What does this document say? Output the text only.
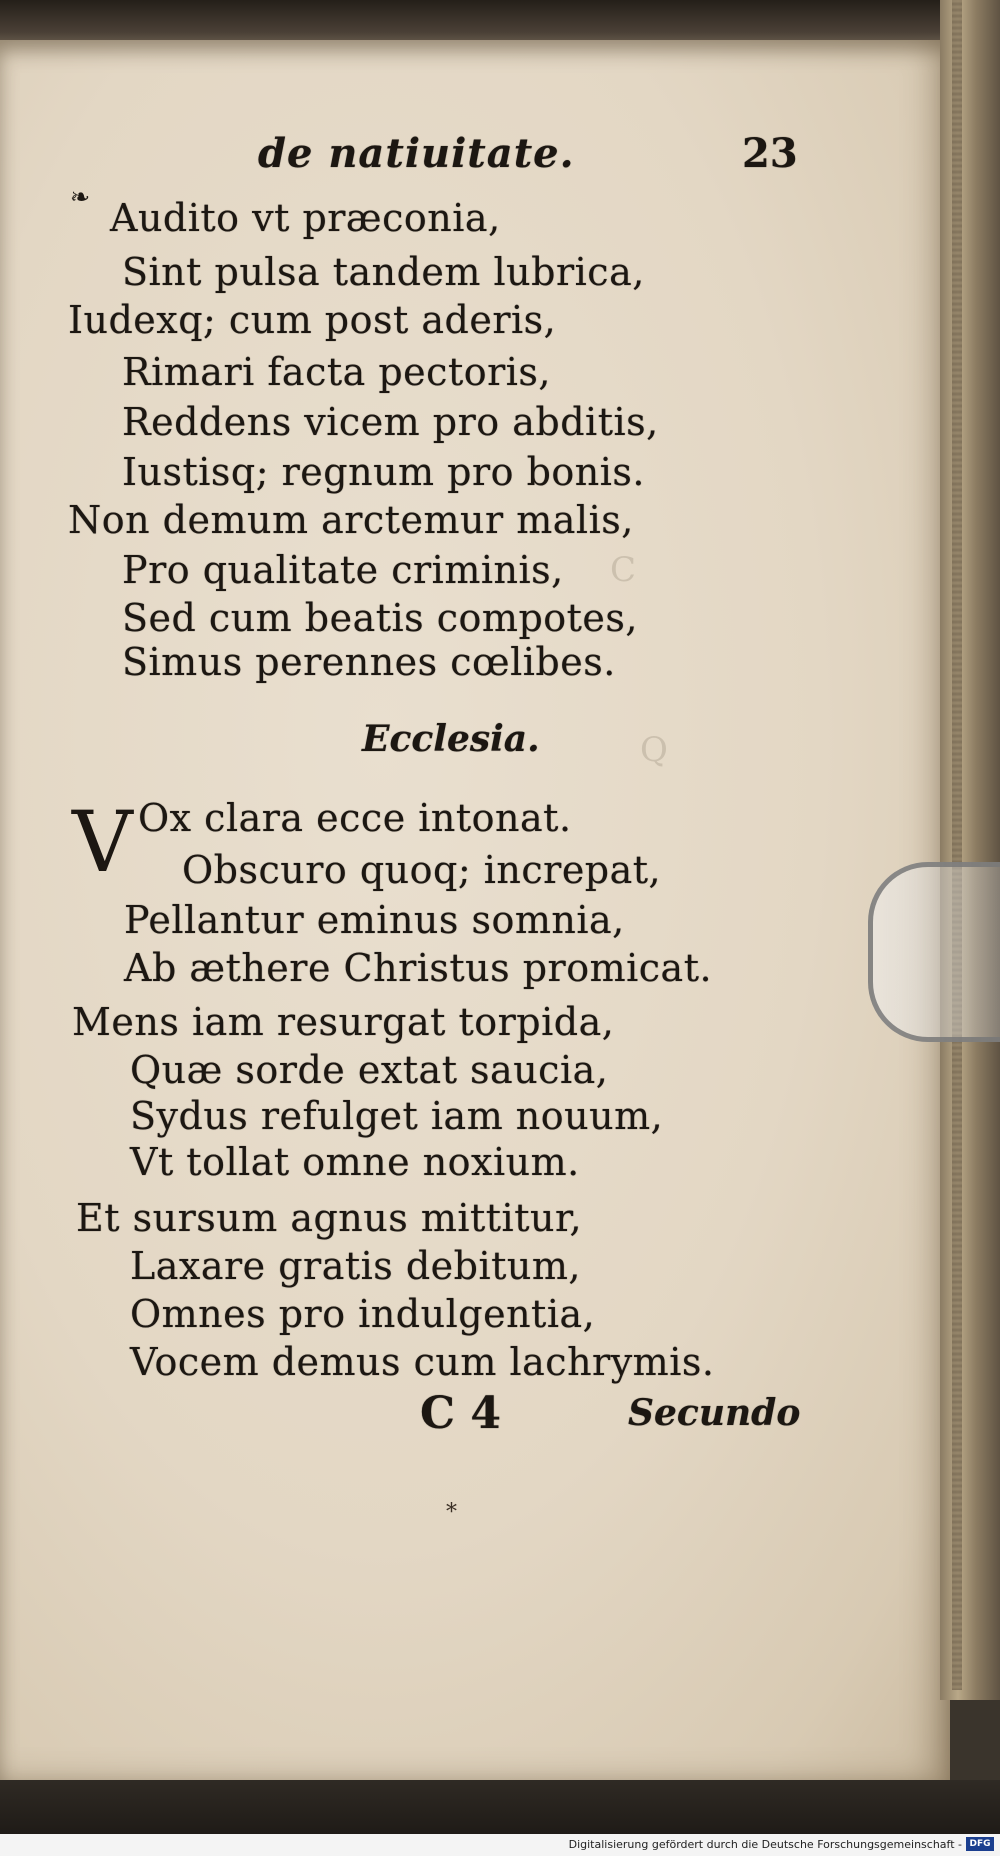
C
Q
❧
de natiuitate.	23
Audito vt præconia,
Sint pulsa tandem lubrica,
Iudexq; cum post aderis,
Rimari facta pectoris,
Reddens vicem pro abditis,
Iustisq; regnum pro bonis.
Non demum arctemur malis,
Pro qualitate criminis,
Sed cum beatis compotes,
Simus perennes cœlibes.
Ecclesia.
V Ox clara ecce intonat.
Obscuro quoq; increpat,
Pellantur eminus somnia,
Ab æthere Christus promicat.
Mens iam resurgat torpida,
Quæ sorde extat saucia,
Sydus refulget iam nouum,
Vt tollat omne noxium.
Et sursum agnus mittitur,
Laxare gratis debitum,
Omnes pro indulgentia,
Vocem demus cum lachrymis.
C 4	Secundo
*
Digitalisierung gefördert durch die Deutsche Forschungsgemeinschaft - DFG
